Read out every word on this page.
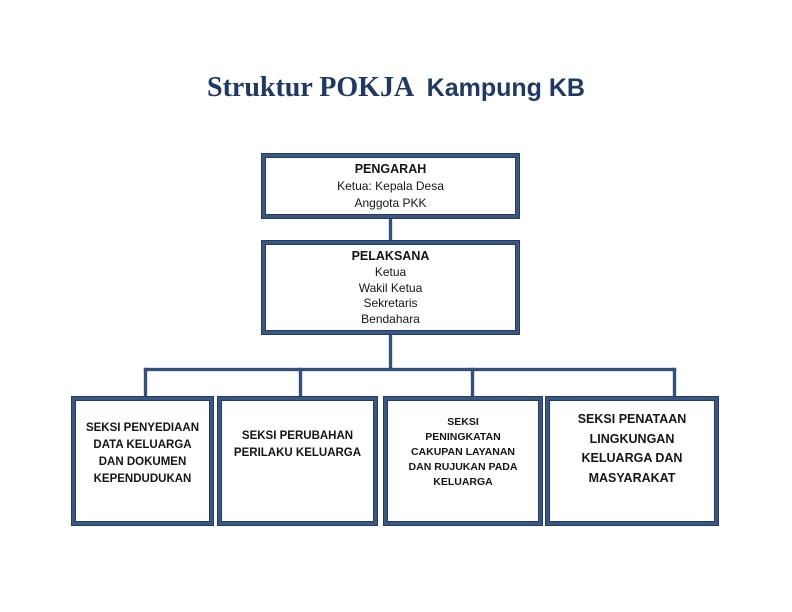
Struktur POKJA Kampung KB
PENGARAH
Ketua: Kepala Desa
Anggota PKK
PELAKSANA
Ketua
Wakil Ketua
Sekretaris
Bendahara
SEKSI PENYEDIAAN
DATA KELUARGA
DAN DOKUMEN
KEPENDUDUKAN
SEKSI PERUBAHAN
PERILAKU KELUARGA
SEKSI
PENINGKATAN
CAKUPAN LAYANAN
DAN RUJUKAN PADA
KELUARGA
SEKSI PENATAAN
LINGKUNGAN
KELUARGA DAN
MASYARAKAT
